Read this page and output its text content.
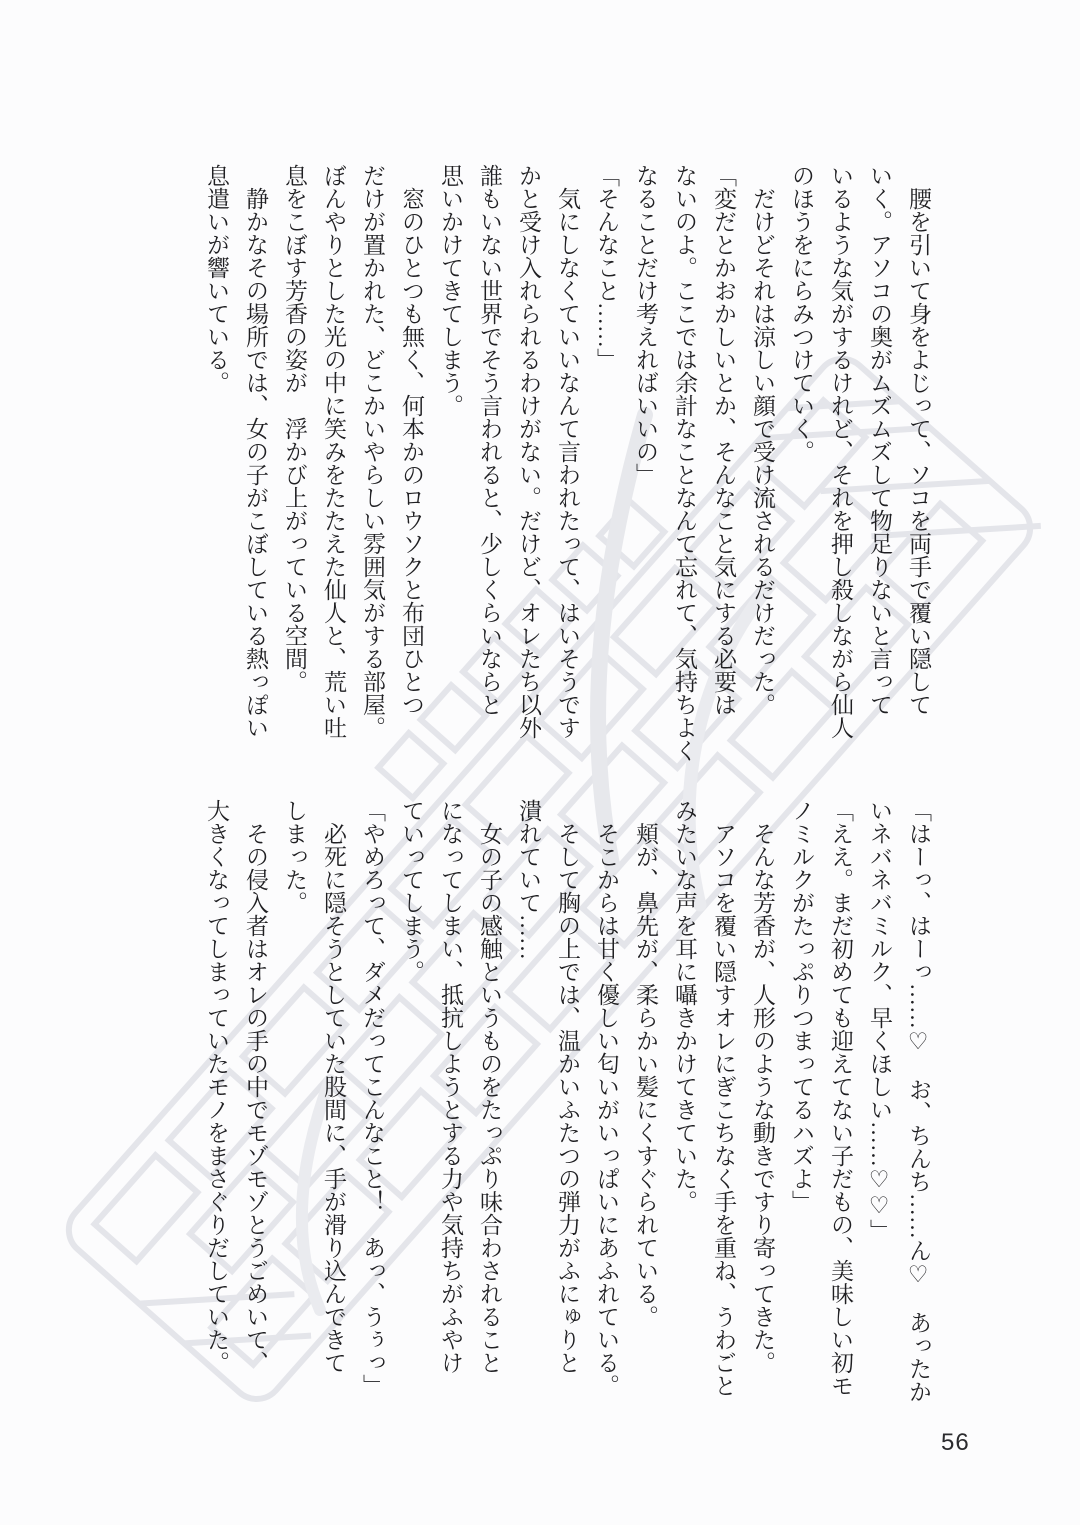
　腰を引いて身をよじって、ソコを両手で覆い隠して

いく。アソコの奥がムズムズして物足りないと言って

いるような気がするけれど、それを押し殺しながら仙人

のほうをにらみつけていく。

　だけどそれは涼しい顔で受け流されるだけだった。

「変だとかおかしいとか、そんなこと気にする必要は

ないのよ。ここでは余計なことなんて忘れて、気持ちよく

なることだけ考えればいいの」

「そんなこと……」

　気にしなくていいなんて言われたって、はいそうです

かと受け入れられるわけがない。だけど、オレたち以外

誰もいない世界でそう言われると、少しくらいならと

思いかけてきてしまう。

　窓のひとつも無く、何本かのロウソクと布団ひとつ

だけが置かれた、どこかいやらしい雰囲気がする部屋。

ぼんやりとした光の中に笑みをたたえた仙人と、荒い吐

息をこぼす芳香の姿が　浮かび上がっている空間。

　静かなその場所では、女の子がこぼしている熱っぽい

息遣いが響いている。

「はーっ、はーっ……♡　お、ちんち……ん♡　あったか

いネバネバミルク、早くほしい……♡♡」

「ええ。まだ初めても迎えてない子だもの、美味しい初モ

ノミルクがたっぷりつまってるハズよ」

　そんな芳香が、人形のような動きですり寄ってきた。

　アソコを覆い隠すオレにぎこちなく手を重ね、うわごと

みたいな声を耳に囁きかけてきていた。

　頬が、鼻先が、柔らかい髪にくすぐられている。

　そこからは甘く優しい匂いがいっぱいにあふれている。

　そして胸の上では、温かいふたつの弾力がふにゅりと

潰れていて……

　女の子の感触というものをたっぷり味合わされること

になってしまい、抵抗しようとする力や気持ちがふやけ

ていってしまう。

「やめろって、ダメだってこんなこと！　あっ、うぅっ」

　必死に隠そうとしていた股間に、手が滑り込んできて

しまった。

　その侵入者はオレの手の中でモゾモゾとうごめいて、

大きくなってしまっていたモノをまさぐりだしていた。

56
